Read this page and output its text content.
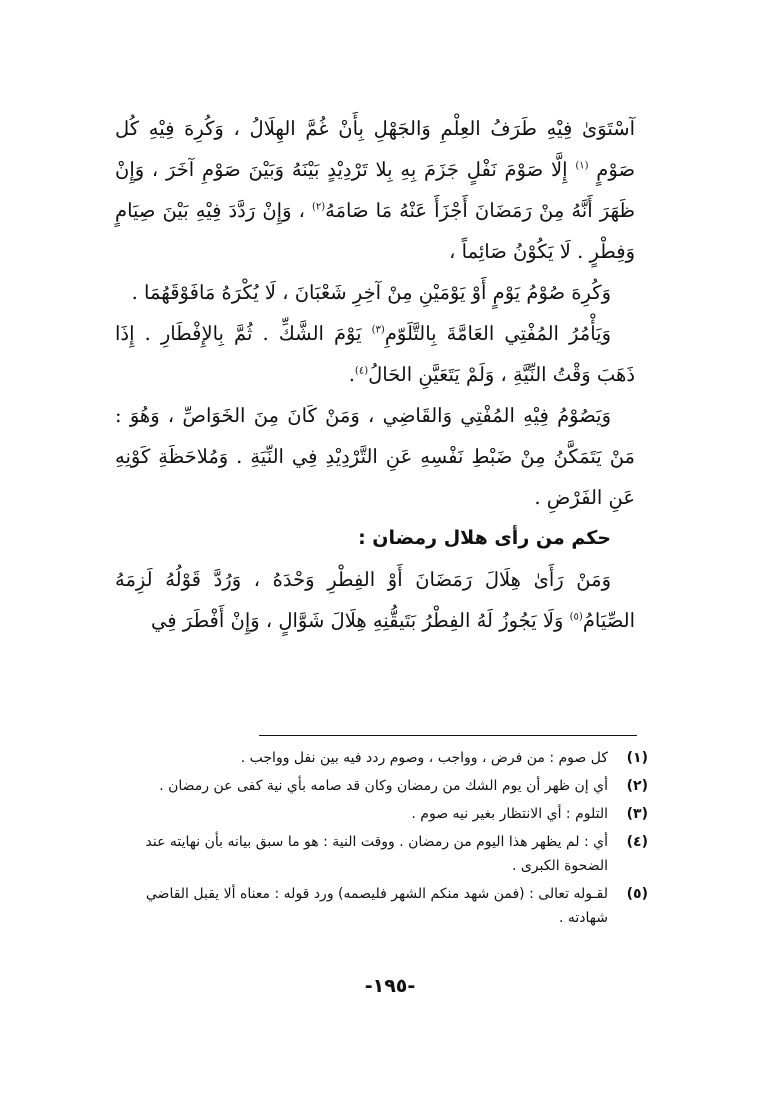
آسْتَوَىٰ فِيْهِ طَرَفُ العِلْمِ وَالجَهْلِ بِأَنْ غُمَّ الهِلَالُ ، وَكُرِهَ فِيْهِ كُل صَوْمٍ $^{(١)}$ إِلَّا صَوْمَ نَفْلٍ جَزَمَ بِهِ بِلا تَرْدِيْدٍ بَيْنَهُ وَبَيْنَ صَوْمِ آخَرَ ، وَإِنْ ظَهَرَ أَنَّهُ مِنْ رَمَضَانَ أَجْزَأَ عَنْهُ مَا صَامَهُ$^{(٢)}$ ، وَإِنْ رَدَّدَ فِيْهِ بَيْنَ صِيَامٍ وَفِطْرٍ . لَا يَكُوْنُ صَائِماً ،

وَكُرِهَ صُوْمُ يَوْمٍ أَوْ يَوْمَيْنِ مِنْ آخِرِ شَعْبَانَ ، لَا يُكْرَهُ مَافَوْقَهُمَا .

وَيَأْمُرُ المُفْتِي العَامَّةَ بِالتَّلَوّمِ$^{(٣)}$ يَوْمَ الشَّكِّ . ثُمَّ بِالإِفْطَارِ . إِذَا ذَهَبَ وَقْتُ النِّيَّةِ ، وَلَمْ يَتَعَيَّنِ الحَالُ$^{(٤)}$.

وَيَصُوْمُ فِيْهِ المُفْتِي وَالقَاضِي ، وَمَنْ كَانَ مِنَ الخَوَاصِّ ، وَهُوَ : مَنْ يَتَمَكَّنُ مِنْ ضَبْطِ نَفْسِهِ عَنِ التَّرْدِيْدِ فِي النِّيَةِ . وَمُلاحَظَةِ كَوْنِهِ عَنِ الفَرْضِ .

حكم من رأى هلال رمضان :

وَمَنْ رَأَىٰ هِلَالَ رَمَضَانَ أَوْ الفِطْرِ وَحْدَهُ ، وَرُدَّ قَوْلُهُ لَزِمَهُ الصِّيَامُ$^{(٥)}$ وَلَا يَجُوزُ لَهُ الفِطْرُ بَتَيقُّنِهِ هِلَالَ شَوَّالٍ ، وَإِنْ أَفْطَرَ فِي

(١)
كل صوم : من فرض ، وواجب ، وصوم ردد فيه بين نفل وواجب .
(٢)
أي إن ظهر أن يوم الشك من رمضان وكان قد صامه بأي نية كفى عن رمضان .
(٣)
التلوم : أي الانتظار بغير نيه صوم .
(٤)
أي : لم يظهر هذا اليوم من رمضان . ووقت النية : هو ما سبق بيانه بأن نهايته عند الضحوة الكبرى .
(٥)
لقـوله تعالى : (فمن شهد منكم الشهر فليصمه) ورد قوله : معناه ألا يقبل القاضي شهادته .
-١٩٥-
